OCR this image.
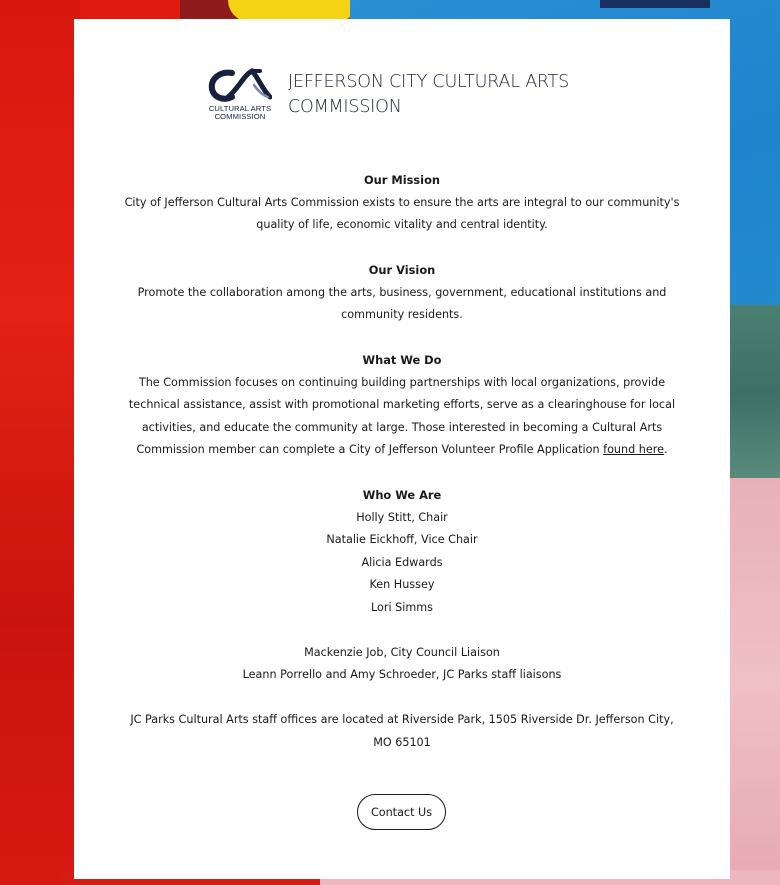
CULTURAL ARTS COMMISSION
JEFFERSON CITY CULTURAL ARTS COMMISSION
Our Mission

City of Jefferson Cultural Arts Commission exists to ensure the arts are integral to our community's quality of life, economic vitality and central identity.

Our Vision

Promote the collaboration among the arts, business, government, educational institutions and community residents.

What We Do

The Commission focuses on continuing building partnerships with local organizations, provide technical assistance, assist with promotional marketing efforts, serve as a clearinghouse for local activities, and educate the community at large. Those interested in becoming a Cultural Arts Commission member can complete a City of Jefferson Volunteer Profile Application found here.

Who We Are

Holly Stitt, Chair

Natalie Eickhoff, Vice Chair

Alicia Edwards

Ken Hussey

Lori Simms

Mackenzie Job, City Council Liaison

Leann Porrello and Amy Schroeder, JC Parks staff liaisons

JC Parks Cultural Arts staff offices are located at Riverside Park, 1505 Riverside Dr. Jefferson City, MO 65101

Contact Us
